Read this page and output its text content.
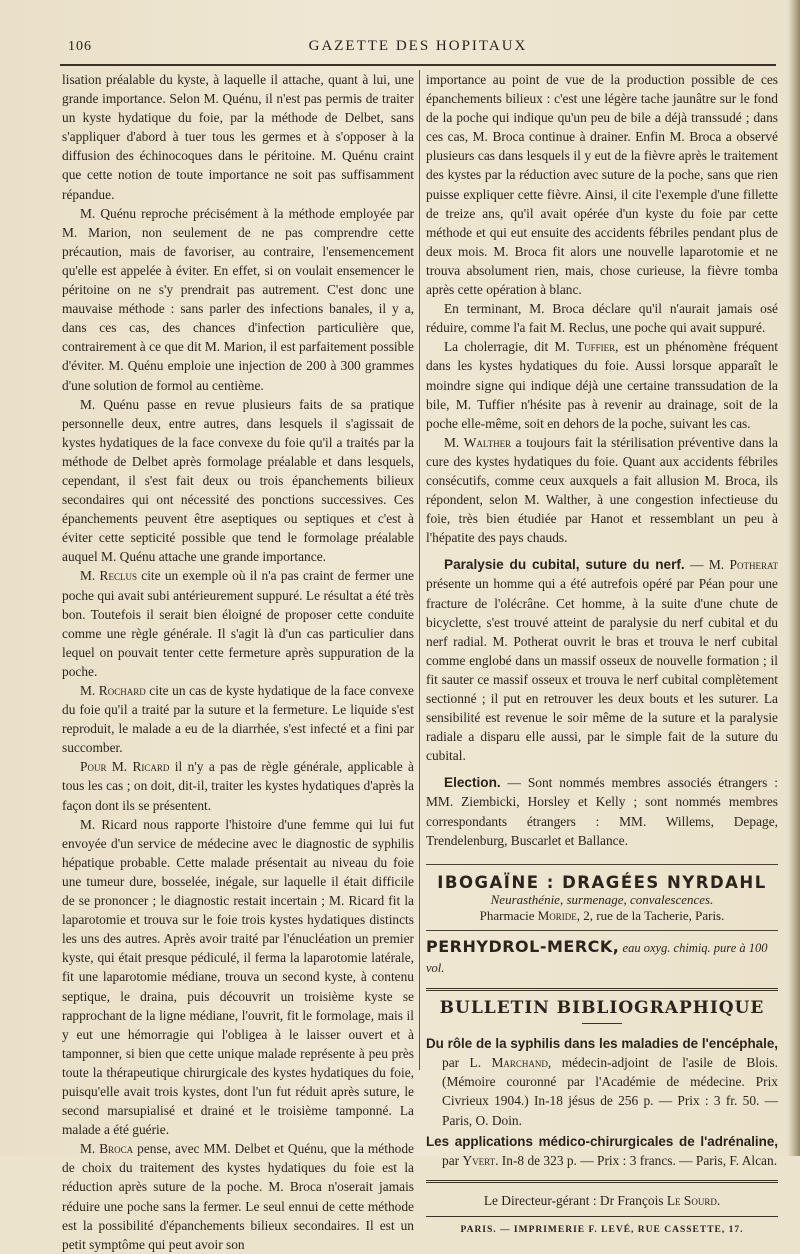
106	GAZETTE DES HOPITAUX

lisation préalable du kyste, à laquelle il attache, quant à lui, une grande importance. Selon M. Quénu, il n'est pas permis de traiter un kyste hydatique du foie, par la méthode de Delbet, sans s'appliquer d'abord à tuer tous les germes et à s'opposer à la diffusion des échinocoques dans le péritoine. M. Quénu craint que cette notion de toute importance ne soit pas suffisamment répandue.

M. Quénu reproche précisément à la méthode employée par M. Marion, non seulement de ne pas comprendre cette précaution, mais de favoriser, au contraire, l'ensemencement qu'elle est appelée à éviter. En effet, si on voulait ensemencer le péritoine on ne s'y prendrait pas autrement. C'est donc une mauvaise méthode : sans parler des infections banales, il y a, dans ces cas, des chances d'infection particulière que, contrairement à ce que dit M. Marion, il est parfaitement possible d'éviter. M. Quénu emploie une injection de 200 à 300 grammes d'une solution de formol au centième.

M. Quénu passe en revue plusieurs faits de sa pratique personnelle deux, entre autres, dans lesquels il s'agissait de kystes hydatiques de la face convexe du foie qu'il a traités par la méthode de Delbet après formolage préalable et dans lesquels, cependant, il s'est fait deux ou trois épanchements bilieux secondaires qui ont nécessité des ponctions successives. Ces épanchements peuvent être aseptiques ou septiques et c'est à éviter cette septicité possible que tend le formolage préalable auquel M. Quénu attache une grande importance.

M. Reclus cite un exemple où il n'a pas craint de fermer une poche qui avait subi antérieurement suppuré. Le résultat a été très bon. Toutefois il serait bien éloigné de proposer cette conduite comme une règle générale. Il s'agit là d'un cas particulier dans lequel on pouvait tenter cette fermeture après suppuration de la poche.

M. Rochard cite un cas de kyste hydatique de la face convexe du foie qu'il a traité par la suture et la fermeture. Le liquide s'est reproduit, le malade a eu de la diarrhée, s'est infecté et a fini par succomber.

Pour M. Ricard il n'y a pas de règle générale, applicable à tous les cas ; on doit, dit-il, traiter les kystes hydatiques d'après la façon dont ils se présentent.

M. Ricard nous rapporte l'histoire d'une femme qui lui fut envoyée d'un service de médecine avec le diagnostic de syphilis hépatique probable. Cette malade présentait au niveau du foie une tumeur dure, bosselée, inégale, sur laquelle il était difficile de se prononcer ; le diagnostic restait incertain ; M. Ricard fit la laparotomie et trouva sur le foie trois kystes hydatiques distincts les uns des autres. Après avoir traité par l'énucléation un premier kyste, qui était presque pédiculé, il ferma la laparotomie latérale, fit une laparotomie médiane, trouva un second kyste, à contenu septique, le draina, puis découvrit un troisième kyste se rapprochant de la ligne médiane, l'ouvrit, fit le formolage, mais il y eut une hémorragie qui l'obligea à le laisser ouvert et à tamponner, si bien que cette unique malade représente à peu près toute la thérapeutique chirurgicale des kystes hydatiques du foie, puisqu'elle avait trois kystes, dont l'un fut réduit après suture, le second marsupialisé et drainé et le troisième tamponné. La malade a été guérie.

M. Broca pense, avec MM. Delbet et Quénu, que la méthode de choix du traitement des kystes hydatiques du foie est la réduction après suture de la poche. M. Broca n'oserait jamais réduire une poche sans la fermer. Le seul ennui de cette méthode est la possibilité d'épanchements bilieux secondaires. Il est un petit symptôme qui peut avoir son

importance au point de vue de la production possible de ces épanchements bilieux : c'est une légère tache jaunâtre sur le fond de la poche qui indique qu'un peu de bile a déjà transsudé ; dans ces cas, M. Broca continue à drainer. Enfin M. Broca a observé plusieurs cas dans lesquels il y eut de la fièvre après le traitement des kystes par la réduction avec suture de la poche, sans que rien puisse expliquer cette fièvre. Ainsi, il cite l'exemple d'une fillette de treize ans, qu'il avait opérée d'un kyste du foie par cette méthode et qui eut ensuite des accidents fébriles pendant plus de deux mois. M. Broca fit alors une nouvelle laparotomie et ne trouva absolument rien, mais, chose curieuse, la fièvre tomba après cette opération à blanc.

En terminant, M. Broca déclare qu'il n'aurait jamais osé réduire, comme l'a fait M. Reclus, une poche qui avait suppuré.

La cholerragie, dit M. Tuffier, est un phénomène fréquent dans les kystes hydatiques du foie. Aussi lorsque apparaît le moindre signe qui indique déjà une certaine transsudation de la bile, M. Tuffier n'hésite pas à revenir au drainage, soit de la poche elle-même, soit en dehors de la poche, suivant les cas.

M. Walther a toujours fait la stérilisation préventive dans la cure des kystes hydatiques du foie. Quant aux accidents fébriles consécutifs, comme ceux auxquels a fait allusion M. Broca, ils répondent, selon M. Walther, à une congestion infectieuse du foie, très bien étudiée par Hanot et ressemblant un peu à l'hépatite des pays chauds.

Paralysie du cubital, suture du nerf. — M. Potherat présente un homme qui a été autrefois opéré par Péan pour une fracture de l'olécrâne. Cet homme, à la suite d'une chute de bicyclette, s'est trouvé atteint de paralysie du nerf cubital et du nerf radial. M. Potherat ouvrit le bras et trouva le nerf cubital comme englobé dans un massif osseux de nouvelle formation ; il fit sauter ce massif osseux et trouva le nerf cubital complètement sectionné ; il put en retrouver les deux bouts et les suturer. La sensibilité est revenue le soir même de la suture et la paralysie radiale a disparu elle aussi, par le simple fait de la suture du cubital.

Election. — Sont nommés membres associés étrangers : MM. Ziembicki, Horsley et Kelly ; sont nommés membres correspondants étrangers : MM. Willems, Depage, Trendelenburg, Buscarlet et Ballance.

IBOGAÏNE : DRAGÉES NYRDAHL
Neurasthénie, surmenage, convalescences.
Pharmacie Moride, 2, rue de la Tacherie, Paris.
PERHYDROL-MERCK, eau oxyg. chimiq. pure à 100 vol.
BULLETIN BIBLIOGRAPHIQUE

Du rôle de la syphilis dans les maladies de l'encéphale, par L. Marchand, médecin-adjoint de l'asile de Blois. (Mémoire couronné par l'Académie de médecine. Prix Civrieux 1904.) In-18 jésus de 256 p. — Prix : 3 fr. 50. — Paris, O. Doin.

Les applications médico-chirurgicales de l'adrénaline, par Yvert. In-8 de 323 p. — Prix : 3 francs. — Paris, F. Alcan.

Le Directeur-gérant : Dr François Le Sourd.
PARIS. — IMPRIMERIE F. LEVÉ, RUE CASSETTE, 17.
